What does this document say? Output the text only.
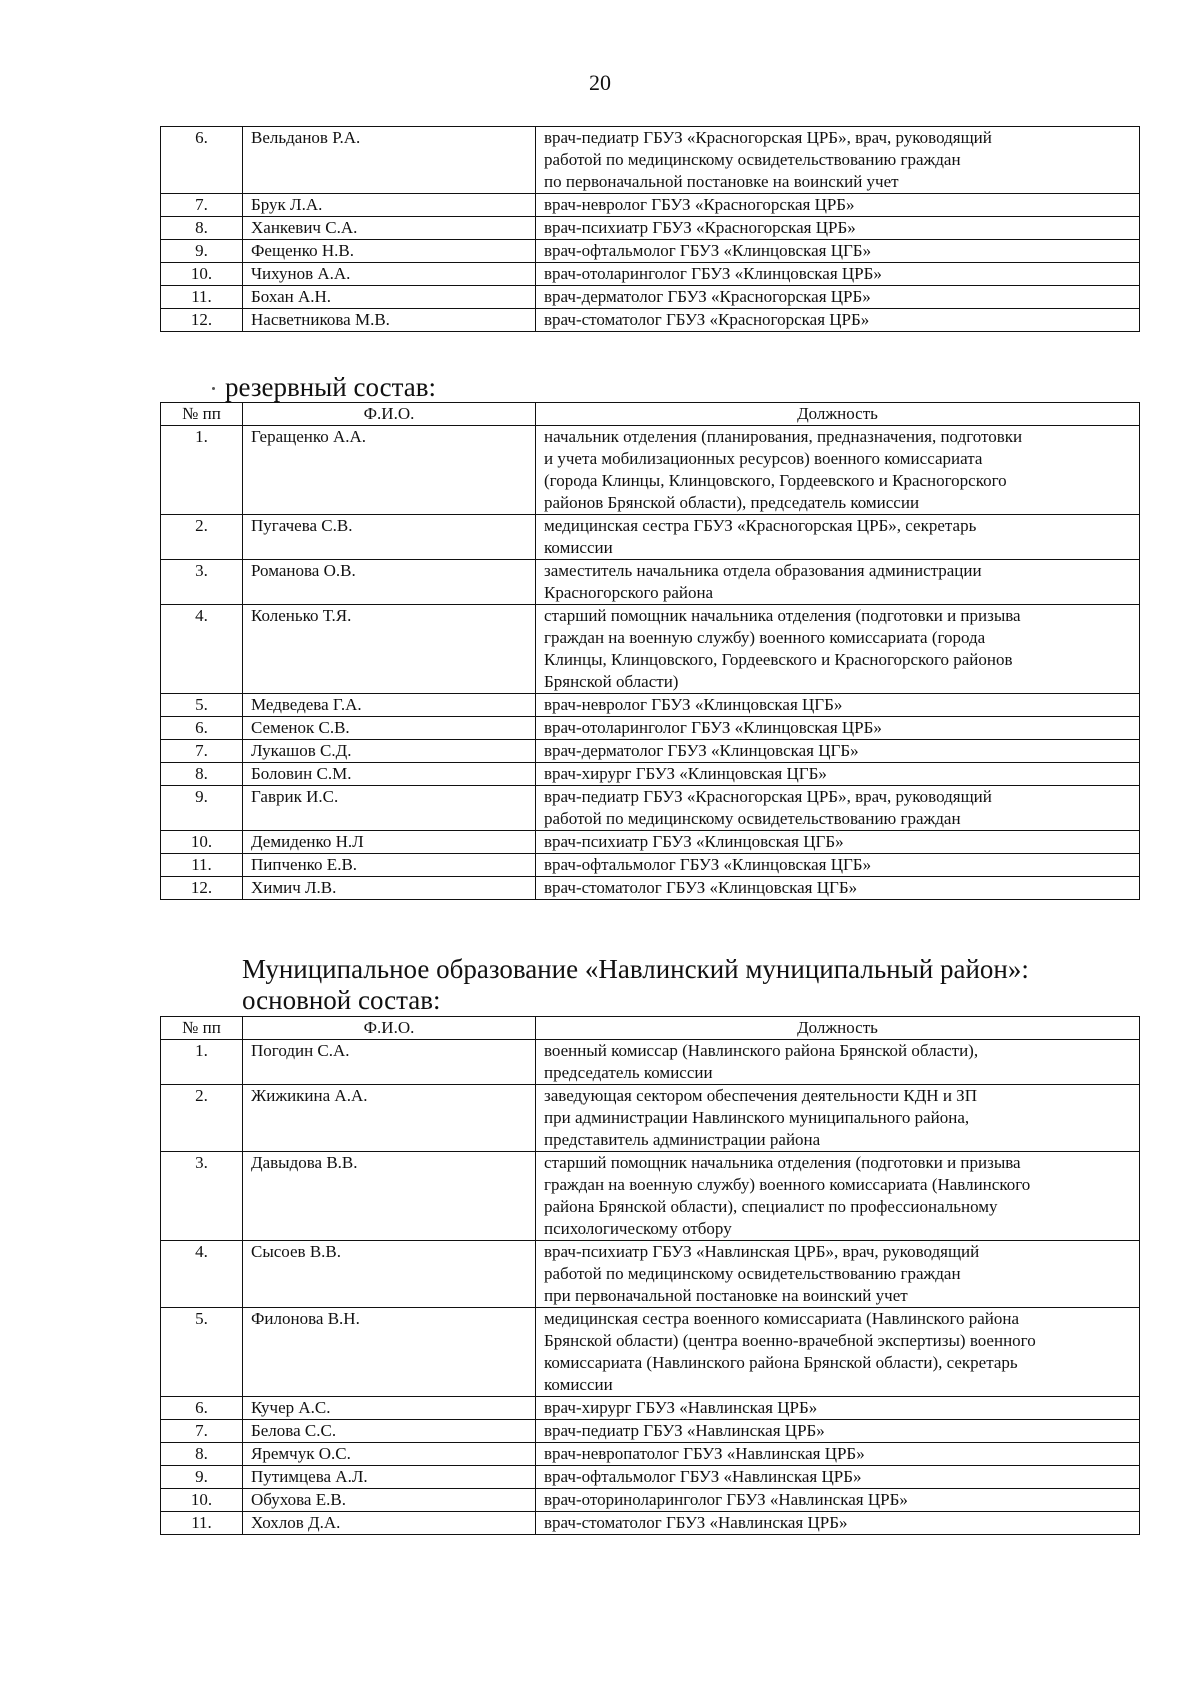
20
6.	Вельданов Р.А.	врач-педиатр ГБУЗ «Красногорская ЦРБ», врач, руководящий
работой по медицинскому освидетельствованию граждан
по первоначальной постановке на воинский учет

7.	Брук Л.А.	врач-невролог ГБУЗ «Красногорская ЦРБ»

8.	Ханкевич С.А.	врач-психиатр ГБУЗ «Красногорская ЦРБ»

9.	Фещенко Н.В.	врач-офтальмолог ГБУЗ «Клинцовская ЦГБ»

10.	Чихунов А.А.	врач-отоларинголог ГБУЗ «Клинцовская ЦРБ»

11.	Бохан А.Н.	врач-дерматолог ГБУЗ «Красногорская ЦРБ»

12.	Насветникова М.В.	врач-стоматолог ГБУЗ «Красногорская ЦРБ»
резервный состав:
№ пп	Ф.И.О.	Должность
1.	Геращенко А.А.	начальник отделения (планирования, предназначения, подготовки
и учета мобилизационных ресурсов) военного комиссариата
(города Клинцы, Клинцовского, Гордеевского и Красногорского
районов Брянской области), председатель комиссии

2.	Пугачева С.В.	медицинская сестра ГБУЗ «Красногорская ЦРБ», секретарь
комиссии

3.	Романова О.В.	заместитель начальника отдела образования администрации
Красногорского района

4.	Коленько Т.Я.	старший помощник начальника отделения (подготовки и призыва
граждан на военную службу) военного комиссариата (города
Клинцы, Клинцовского, Гордеевского и Красногорского районов
Брянской области)

5.	Медведева Г.А.	врач-невролог ГБУЗ «Клинцовская ЦГБ»

6.	Семенок С.В.	врач-отоларинголог ГБУЗ «Клинцовская ЦРБ»

7.	Лукашов С.Д.	врач-дерматолог ГБУЗ «Клинцовская ЦГБ»

8.	Боловин С.М.	врач-хирург ГБУЗ «Клинцовская ЦГБ»

9.	Гаврик И.С.	врач-педиатр ГБУЗ «Красногорская ЦРБ», врач, руководящий
работой по медицинскому освидетельствованию граждан

10.	Демиденко Н.Л	врач-психиатр ГБУЗ «Клинцовская ЦГБ»

11.	Пипченко Е.В.	врач-офтальмолог ГБУЗ «Клинцовская ЦГБ»

12.	Химич Л.В.	врач-стоматолог ГБУЗ «Клинцовская ЦГБ»
Муниципальное образование «Навлинский муниципальный район»:
основной состав:
№ пп	Ф.И.О.	Должность
1.	Погодин С.А.	военный комиссар (Навлинского района Брянской области),
председатель комиссии

2.	Жижикина А.А.	заведующая сектором обеспечения деятельности КДН и ЗП
при администрации Навлинского муниципального района,
представитель администрации района

3.	Давыдова В.В.	старший помощник начальника отделения (подготовки и призыва
граждан на военную службу) военного комиссариата (Навлинского
района Брянской области), специалист по профессиональному
психологическому отбору

4.	Сысоев В.В.	врач-психиатр ГБУЗ «Навлинская ЦРБ», врач, руководящий
работой по медицинскому освидетельствованию граждан
при первоначальной постановке на воинский учет

5.	Филонова В.Н.	медицинская сестра военного комиссариата (Навлинского района
Брянской области) (центра военно-врачебной экспертизы) военного
комиссариата (Навлинского района Брянской области), секретарь
комиссии

6.	Кучер А.С.	врач-хирург ГБУЗ «Навлинская ЦРБ»

7.	Белова С.С.	врач-педиатр ГБУЗ «Навлинская ЦРБ»

8.	Яремчук О.С.	врач-невропатолог ГБУЗ «Навлинская ЦРБ»

9.	Путимцева А.Л.	врач-офтальмолог ГБУЗ «Навлинская ЦРБ»

10.	Обухова Е.В.	врач-оториноларинголог ГБУЗ «Навлинская ЦРБ»

11.	Хохлов Д.А.	врач-стоматолог ГБУЗ «Навлинская ЦРБ»
